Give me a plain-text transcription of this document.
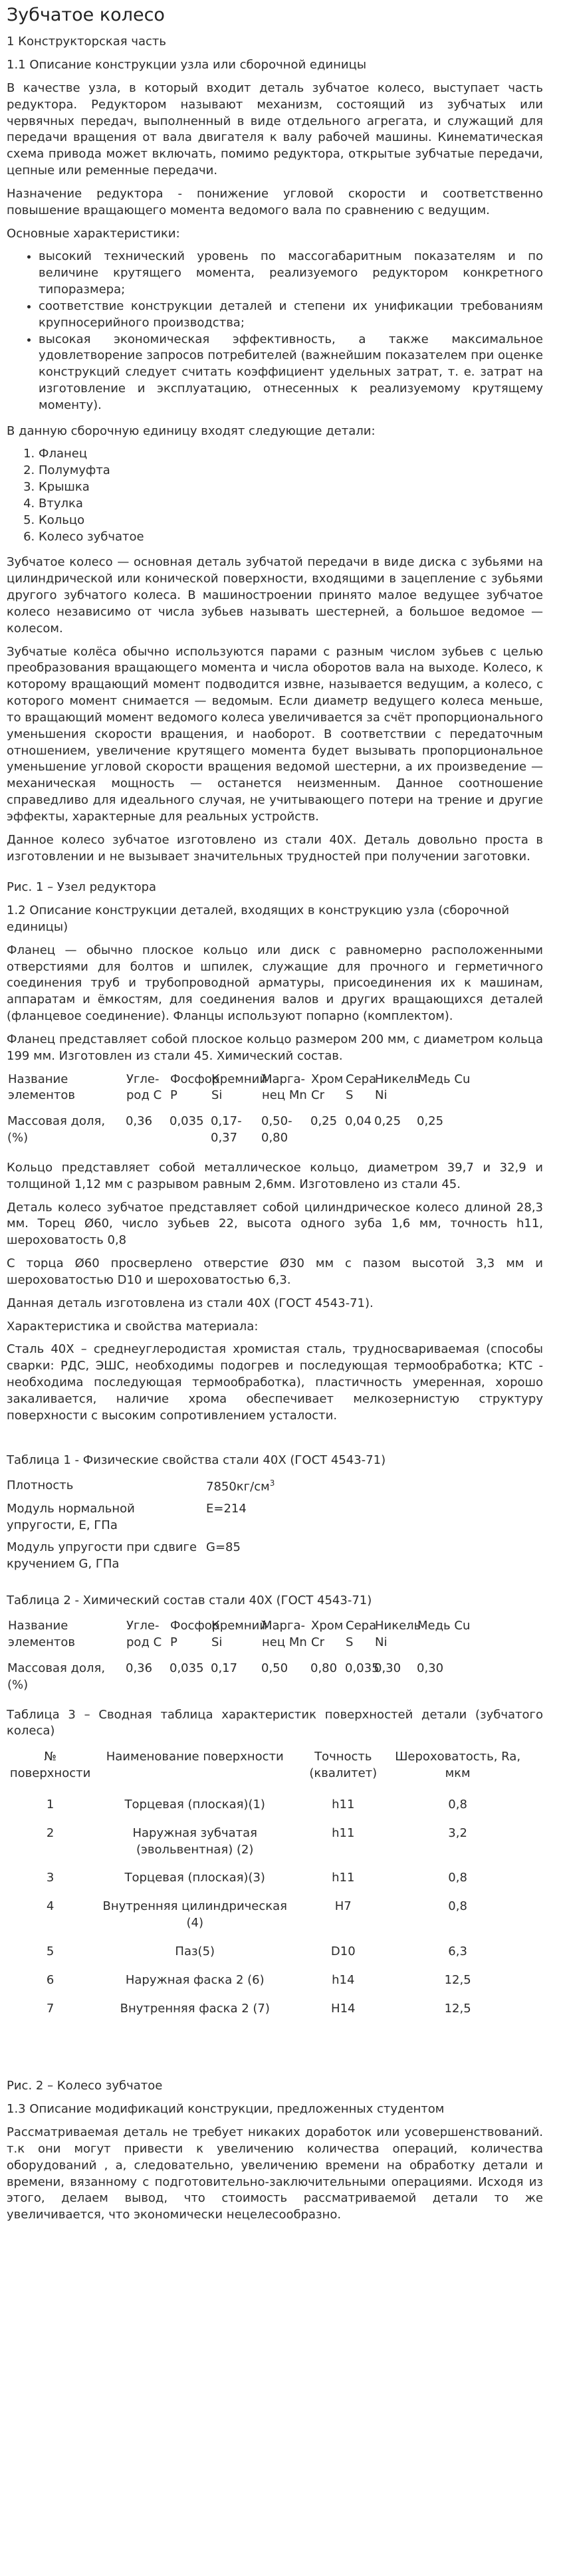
Зубчатое колесо
1 Конструкторская часть
1.1 Описание конструкции узла или сборочной единицы

В качестве узла, в который входит деталь зубчатое колесо, выступает часть редуктора. Редуктором называют механизм, состоящий из зубчатых или червячных передач, выполненный в виде отдельного агрегата, и служащий для передачи вращения от вала двигателя к валу рабочей машины. Кинематическая схема привода может включать, помимо редуктора, открытые зубчатые передачи, цепные или ременные передачи.

Назначение редуктора - понижение угловой скорости и соответственно повышение вращающего момента ведомого вала по сравнению с ведущим.

Основные характеристики:

• высокий технический уровень по массогабаритным показателям и по величине крутящего момента, реализуемого редуктором конкретного типоразмера;
• соответствие конструкции деталей и степени их унификации требованиям крупносерийного производства;
• высокая экономическая эффективность, а также максимальное удовлетворение запросов потребителей (важнейшим показателем при оценке конструкций следует считать коэффициент удельных затрат, т. е. затрат на изготовление и эксплуатацию, отнесенных к реализуемому крутящему моменту).

В данную сборочную единицу входят следующие детали:

1. Фланец
2. Полумуфта
3. Крышка
4. Втулка
5. Кольцо
6. Колесо зубчатое

Зубчатое колесо — основная деталь зубчатой передачи в виде диска с зубьями на цилиндрической или конической поверхности, входящими в зацепление с зубьями другого зубчатого колеса. В машиностроении принято малое ведущее зубчатое колесо независимо от числа зубьев называть шестерней, а большое ведомое — колесом.

Зубчатые колёса обычно используются парами с разным числом зубьев с целью преобразования вращающего момента и числа оборотов вала на выходе. Колесо, к которому вращающий момент подводится извне, называется ведущим, а колесо, с которого момент снимается — ведомым. Если диаметр ведущего колеса меньше, то вращающий момент ведомого колеса увеличивается за счёт пропорционального уменьшения скорости вращения, и наоборот. В соответствии с передаточным отношением, увеличение крутящего момента будет вызывать пропорциональное уменьшение угловой скорости вращения ведомой шестерни, а их произведение — механическая мощность — останется неизменным. Данное соотношение справедливо для идеального случая, не учитывающего потери на трение и другие эффекты, характерные для реальных устройств.

Данное колесо зубчатое изготовлено из стали 40Х. Деталь довольно проста в изготовлении и не вызывает значительных трудностей при получении заготовки.

Рис. 1 – Узел редуктора
1.2 Описание конструкции деталей, входящих в конструкцию узла (сборочной единицы)

Фланец — обычно плоское кольцо или диск с равномерно расположенными отверстиями для болтов и шпилек, служащие для прочного и герметичного соединения труб и трубопроводной арматуры, присоединения их к машинам, аппаратам и ёмкостям, для соединения валов и других вращающихся деталей (фланцевое соединение). Фланцы используют попарно (комплектом).

Фланец представляет собой плоское кольцо размером 200 мм, с диаметром кольца 199 мм. Изготовлен из стали 45. Химический состав.

Название элементов	Угле-род С	Фосфор Р	Кремний Si	Марга-нец Mn	Хром Cr	Сера S	Никель Ni	Медь Cu
Массовая доля,(%)	0,36	0,035	0,17-0,37	0,50-0,80	0,25	0,04	0,25	0,25

Кольцо представляет собой металлическое кольцо, диаметром 39,7 и 32,9 и толщиной 1,12 мм с разрывом равным 2,6мм. Изготовлено из стали 45.

Деталь колесо зубчатое представляет собой цилиндрическое колесо длиной 28,3 мм. Торец Ø60, число зубьев 22, высота одного зуба 1,6 мм, точность h11, шероховатость 0,8

С торца Ø60 просверлено отверстие Ø30 мм с пазом высотой 3,3 мм и шероховатостью D10 и шероховатостью 6,3.

Данная деталь изготовлена из стали 40Х (ГОСТ 4543-71).

Характеристика и свойства материала:

Сталь 40Х – среднеуглеродистая хромистая сталь, трудносвариваемая (способы сварки: РДС, ЭШС, необходимы подогрев и последующая термообработка; КТС - необходима последующая термообработка), пластичность умеренная, хорошо закаливается, наличие хрома обеспечивает мелкозернистую структуру поверхности с высоким сопротивлением усталости.

Таблица 1 - Физические свойства стали 40Х (ГОСТ 4543-71)
Плотность	$7850кг/см^3$
Модуль нормальной упругости, Е, ГПа	Е=214
Модуль упругости при сдвиге кручением G, ГПа	G=85
Таблица 2 - Химический состав стали 40Х (ГОСТ 4543-71)
Название элементов	Угле-род С	Фосфор Р	Кремний Si	Марга-нец Mn	Хром Cr	Сера S	Никель Ni	Медь Cu
Массовая доля,(%)	0,36	0,035	0,17	0,50	0,80	0,035	0,30	0,30

Таблица 3 – Сводная таблица характеристик поверхностей детали (зубчатого колеса)

№ поверхности	Наименование поверхности	Точность (квалитет)	Шероховатость, Ra, мкм
1	Торцевая (плоская)(1)	h11	0,8
2	Наружная зубчатая (эвольвентная) (2)	h11	3,2
3	Торцевая (плоская)(3)	h11	0,8
4	Внутренняя цилиндрическая (4)	H7	0,8
5	Паз(5)	D10	6,3
6	Наружная фаска 2 (6)	h14	12,5
7	Внутренняя фаска 2 (7)	H14	12,5
Рис. 2 – Колесо зубчатое
1.3 Описание модификаций конструкции, предложенных студентом

Рассматриваемая деталь не требует никаких доработок или усовершенствований. т.к они могут привести к увеличению количества операций, количества оборудований , а, следовательно, увеличению времени на обработку детали и времени, вязанному с подготовительно-заключительными операциями. Исходя из этого, делаем вывод, что стоимость рассматриваемой детали то же увеличивается, что экономически нецелесообразно.
